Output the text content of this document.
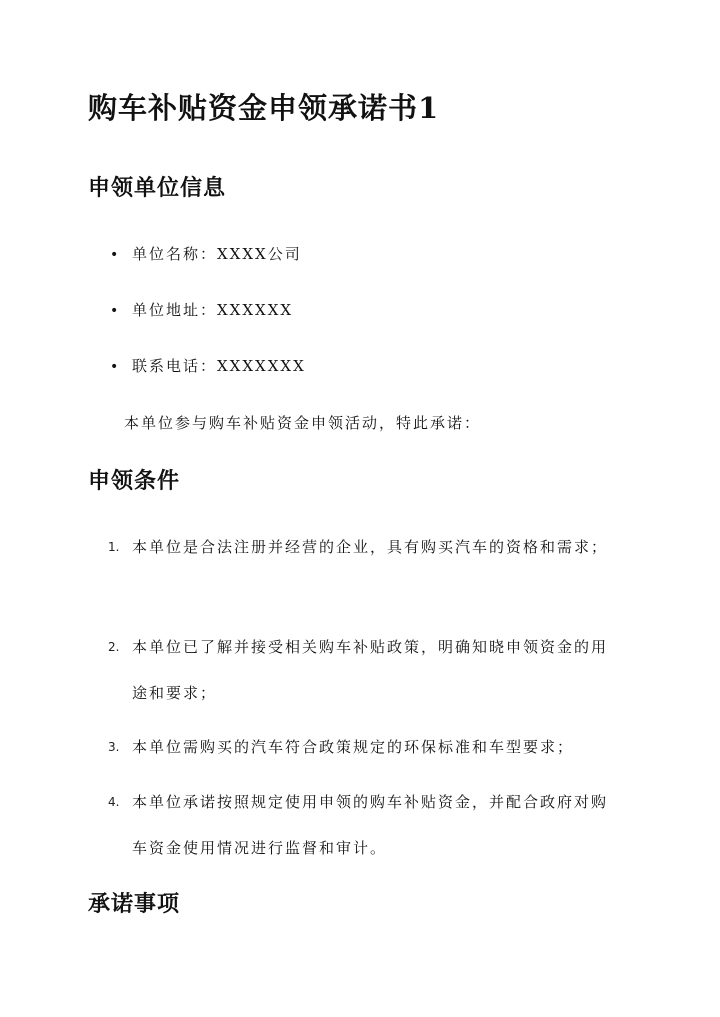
购车补贴资金申领承诺书1
申领单位信息
• 单位名称：XXXX公司
• 单位地址：XXXXXX
• 联系电话：XXXXXXX
本单位参与购车补贴资金申领活动，特此承诺：
申领条件
1. 本单位是合法注册并经营的企业，具有购买汽车的资格和需求；
2. 本单位已了解并接受相关购车补贴政策，明确知晓申领资金的用途和要求；
3. 本单位需购买的汽车符合政策规定的环保标准和车型要求；
4. 本单位承诺按照规定使用申领的购车补贴资金，并配合政府对购车资金使用情况进行监督和审计。
承诺事项
